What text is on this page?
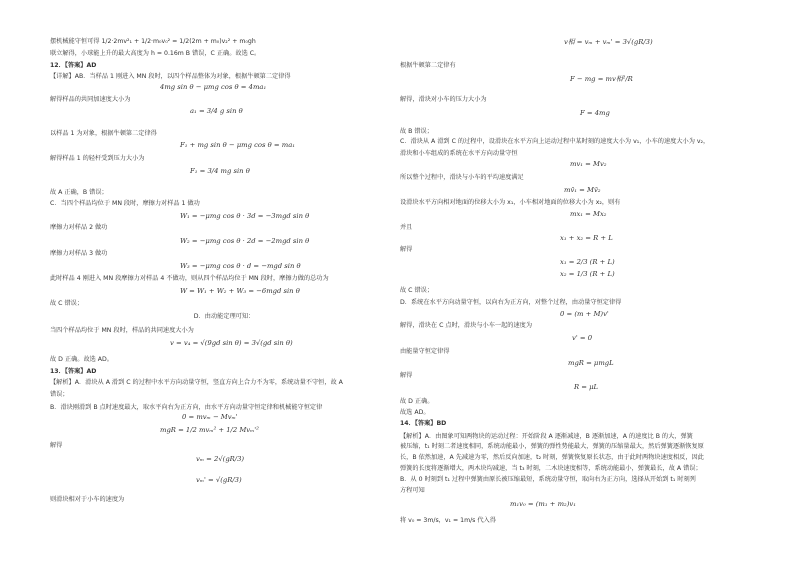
摆机械能守恒可得 1/2·2mv²₁ + 1/2·m₀v₀² = 1/2(2m + m₀)v₂² + m₀gh
联立解得，小球能上升的最大高度为 h = 0.16m B 错误，C 正确。故选 C。
12．【答案】AD
【详解】AB．当样品 1 刚进入 MN 段时，以四个样品整体为对象，根据牛顿第二定律得
4mg sin θ − μmg cos θ = 4ma₁
解得样品的共同加速度大小为
a₁ = 3/4 g sin θ
以样品 1 为对象，根据牛顿第二定律得
F₁ + mg sin θ − μmg cos θ = ma₁
解得样品 1 的轻杆受到压力大小为
F₁ = 3/4 mg sin θ
故 A 正确，B 错误；
C．当四个样品均位于 MN 段时，摩擦力对样品 1 做功
W₁ = −μmg cos θ · 3d = −3mgd sin θ
摩擦力对样品 2 做功
W₂ = −μmg cos θ · 2d = −2mgd sin θ
摩擦力对样品 3 做功
W₃ = −μmg cos θ · d = −mgd sin θ
此时样品 4 刚进入 MN 段摩擦力对样品 4 不做功，则从四个样品均位于 MN 段时，摩擦力做的总功为
W = W₁ + W₂ + W₃ = −6mgd sin θ
故 C 错误；
D．由动能定理可知：
当四个样品均位于 MN 段时，样品的共同速度大小为
v = v₄ = √(9gd sin θ) = 3√(gd sin θ)
故 D 正确。故选 AD。
13．【答案】AD
【解析】A．滑块从 A 滑到 C 的过程中水平方向动量守恒，竖直方向上合力不为零，系统动量不守恒，故 A
错误；
B．滑块刚滑到 B 点时速度最大，取水平向右为正方向，由水平方向动量守恒定律和机械能守恒定律
0 = mvₘ − Mvₘ'
mgR = 1/2 mvₘ² + 1/2 Mvₘ'²
解得
vₘ = 2√(gR/3)
vₘ' = √(gR/3)
则滑块相对于小车的速度为
v相 = vₘ + vₘ' = 3√(gR/3)
根据牛顿第二定律有
F − mg = mv相²/R
解得，滑块对小车的压力大小为
F = 4mg
故 B 错误；
C．滑块从 A 滑到 C 的过程中，设滑块在水平方向上运动过程中某时刻的速度大小为 v₁，小车的速度大小为 v₂，
滑块和小车组成的系统在水平方向动量守恒
mv₁ = Mv₂
所以整个过程中，滑块与小车的平均速度满足
mv̄₁ = Mv̄₂
设滑块水平方向相对地面的位移大小为 x₁，小车相对地面的位移大小为 x₂，则有
mx₁ = Mx₂
并且
x₁ + x₂ = R + L
解得
x₁ = 2/3 (R + L)
x₂ = 1/3 (R + L)
故 C 错误；
D．系统在水平方向动量守恒，以向右为正方向，对整个过程，由动量守恒定律得
0 = (m + M)v'
解得，滑块在 C 点时，滑块与小车一起的速度为
v' = 0
由能量守恒定律得
mgR = μmgL
解得
R = μL
故 D 正确。
故选 AD。
14．【答案】BD
【解析】A．由图象可知两物块的运动过程：开始阶段 A 逐渐减速，B 逐渐加速，A 的速度比 B 的大，弹簧
被压缩，t₁ 时刻二者速度相同，系统动能最小，弹簧的弹性势能最大，弹簧的压缩量最大，然后弹簧逐渐恢复原
长，B 依然加速，A 先减速为零，然后反向加速，t₂ 时刻，弹簧恢复原长状态，由于此时两物块速度相反，因此
弹簧的长度将逐渐增大，两木块均减速，当 t₃ 时刻，二木块速度相等，系统动能最小，弹簧最长，故 A 错误；
B．从 0 时刻到 t₁ 过程中弹簧由原长被压缩最短，系统动量守恒，取向右为正方向，选择从开始到 t₁ 时刻列
方程可知
m₁v₀ = (m₁ + m₂)v₁
将 v₀ = 3m/s，v₁ = 1m/s 代入得
